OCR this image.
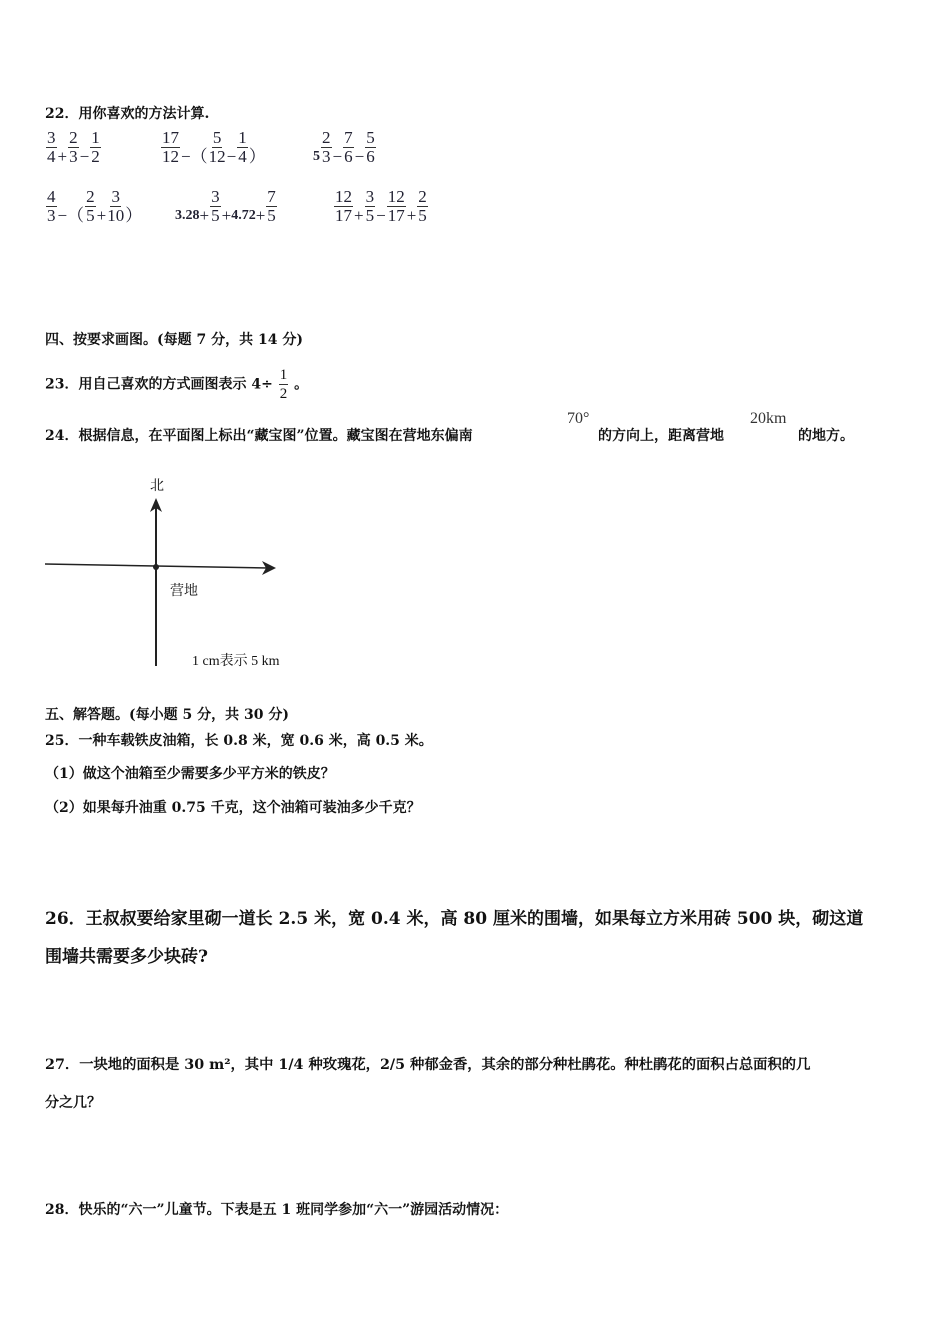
22．用你喜欢的方法计算.
$\frac{3}{4} + \frac{2}{3} - \frac{1}{2}$	$\frac{17}{12}$ −（ $\frac{5}{12} - \frac{1}{4}$ ）	$5 \frac{2}{3} - \frac{7}{6} - \frac{5}{6}$
$\frac{4}{3}$ −（ $\frac{2}{5} + \frac{3}{10}$ ） $3.28 + \frac{3}{5} + 4.72 + \frac{7}{5}$	$\frac{12}{17} + \frac{3}{5} - \frac{12}{17} + \frac{2}{5}$
四、按要求画图。(每题 7 分，共 14 分)
23．用自己喜欢的方式画图表示 $4\div \frac{1}{2}$ 。
24．根据信息，在平面图上标出“藏宝图”位置。藏宝图在营地东偏南
70°
的方向上，距离营地
20km
的地方。
北
营地
1 cm表示 5 km
五、解答题。(每小题 5 分，共 30 分)
25．一种车载铁皮油箱，长 0.8 米，宽 0.6 米，高 0.5 米。
（1）做这个油箱至少需要多少平方米的铁皮？
（2）如果每升油重 0.75 千克，这个油箱可装油多少千克？
26．王叔叔要给家里砌一道长 2.5 米，宽 0.4 米，高 80 厘米的围墙，如果每立方米用砖 500 块，砌这道
围墙共需要多少块砖?
27．一块地的面积是 30 m²，其中 1/4 种玫瑰花，2/5 种郁金香，其余的部分种杜鹃花。种杜鹃花的面积占总面积的几
分之几？
28．快乐的“六一”儿童节。下表是五 1 班同学参加“六一”游园活动情况：
